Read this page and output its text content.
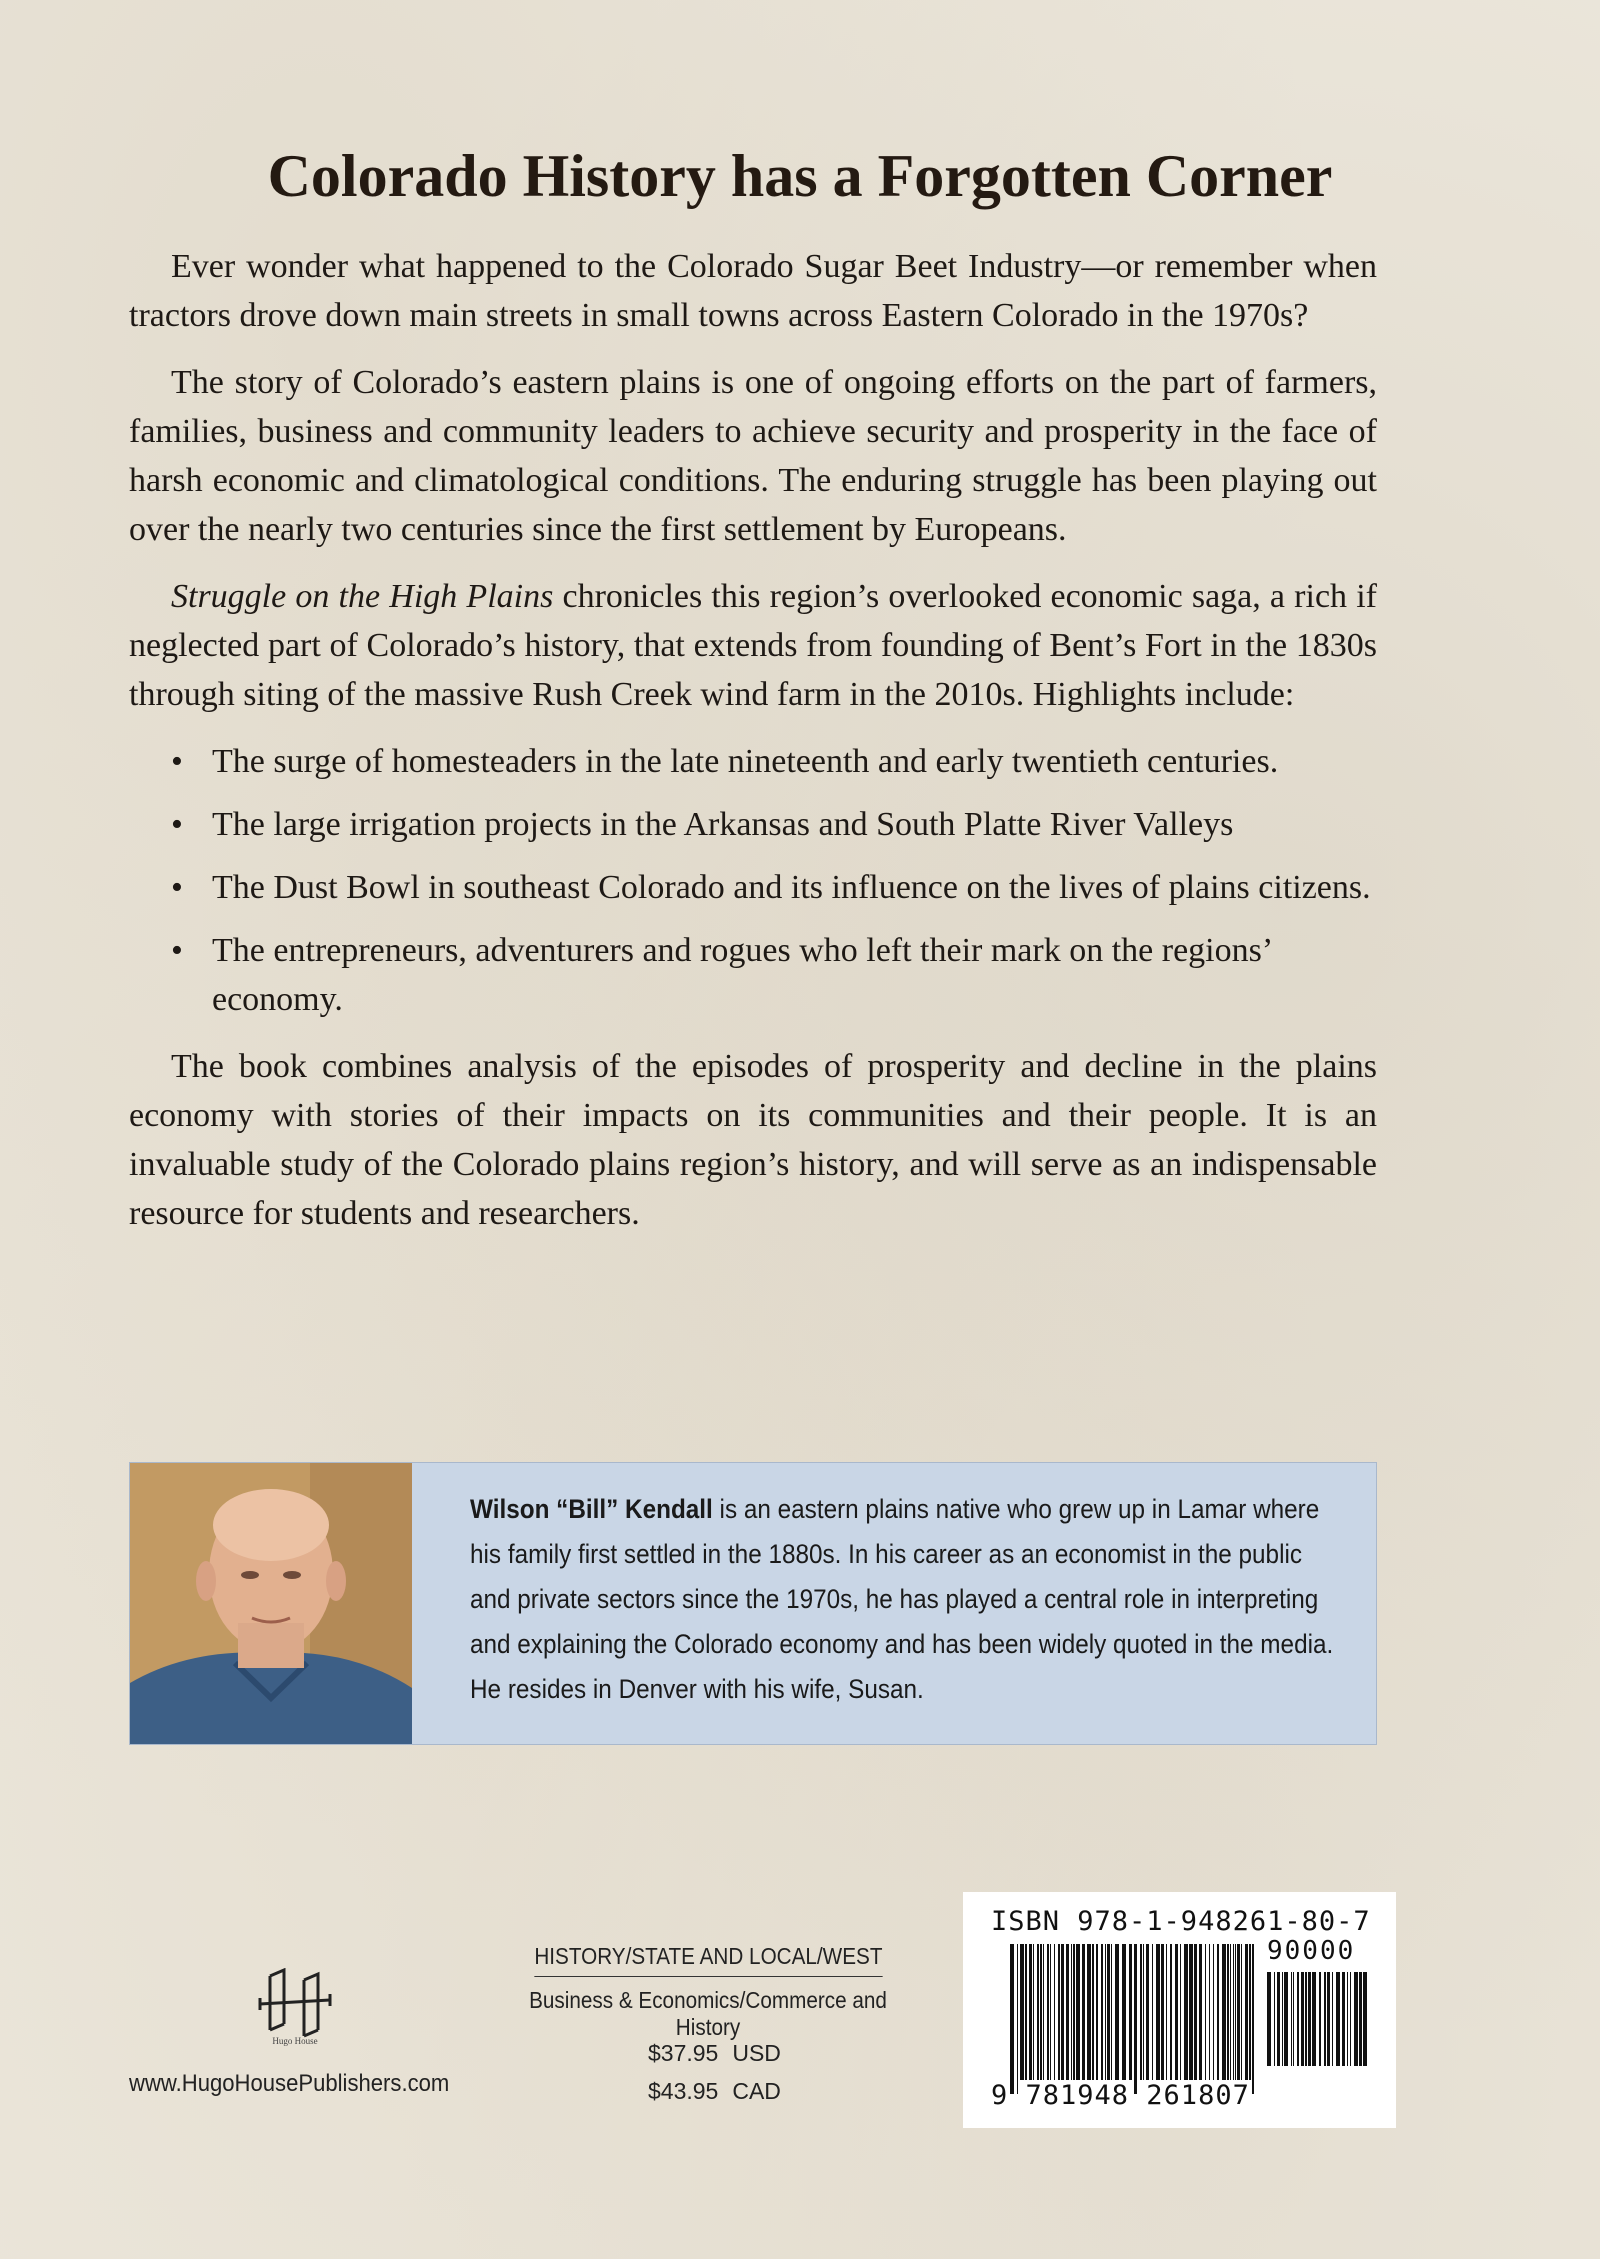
Colorado History has a Forgotten Corner

Ever wonder what happened to the Colorado Sugar Beet Industry—or remember when tractors drove down main streets in small towns across Eastern Colorado in the 1970s?

The story of Colorado’s eastern plains is one of ongoing efforts on the part of farmers, families, business and community leaders to achieve security and prosperity in the face of harsh economic and climatological conditions. The enduring struggle has been playing out over the nearly two centuries since the first settlement by Europeans.

Struggle on the High Plains chronicles this region’s overlooked economic saga, a rich if neglected part of Colorado’s history, that extends from founding of Bent’s Fort in the 1830s through siting of the massive Rush Creek wind farm in the 2010s. Highlights include:

• The surge of homesteaders in the late nineteenth and early twentieth centuries.
• The large irrigation projects in the Arkansas and South Platte River Valleys
• The Dust Bowl in southeast Colorado and its influence on the lives of plains citizens.
• The entrepreneurs, adventurers and rogues who left their mark on the regions’ economy.

The book combines analysis of the episodes of prosperity and decline in the plains economy with stories of their impacts on its communities and their people. It is an invaluable study of the Colorado plains region’s history, and will serve as an indispensable resource for students and researchers.

Wilson “Bill” Kendall is an eastern plains native who grew up in Lamar where his family first settled in the 1880s. In his career as an economist in the public and private sectors since the 1970s, he has played a central role in interpreting and explaining the Colorado economy and has been widely quoted in the media. He resides in Denver with his wife, Susan.
Hugo House
www.HugoHousePublishers.com
HISTORY/STATE AND LOCAL/WEST
Business & Economics/Commerce and History
$37.95 USD
$43.95 CAD
ISBN 978-1-948261-80-7
90000
9 781948 261807
